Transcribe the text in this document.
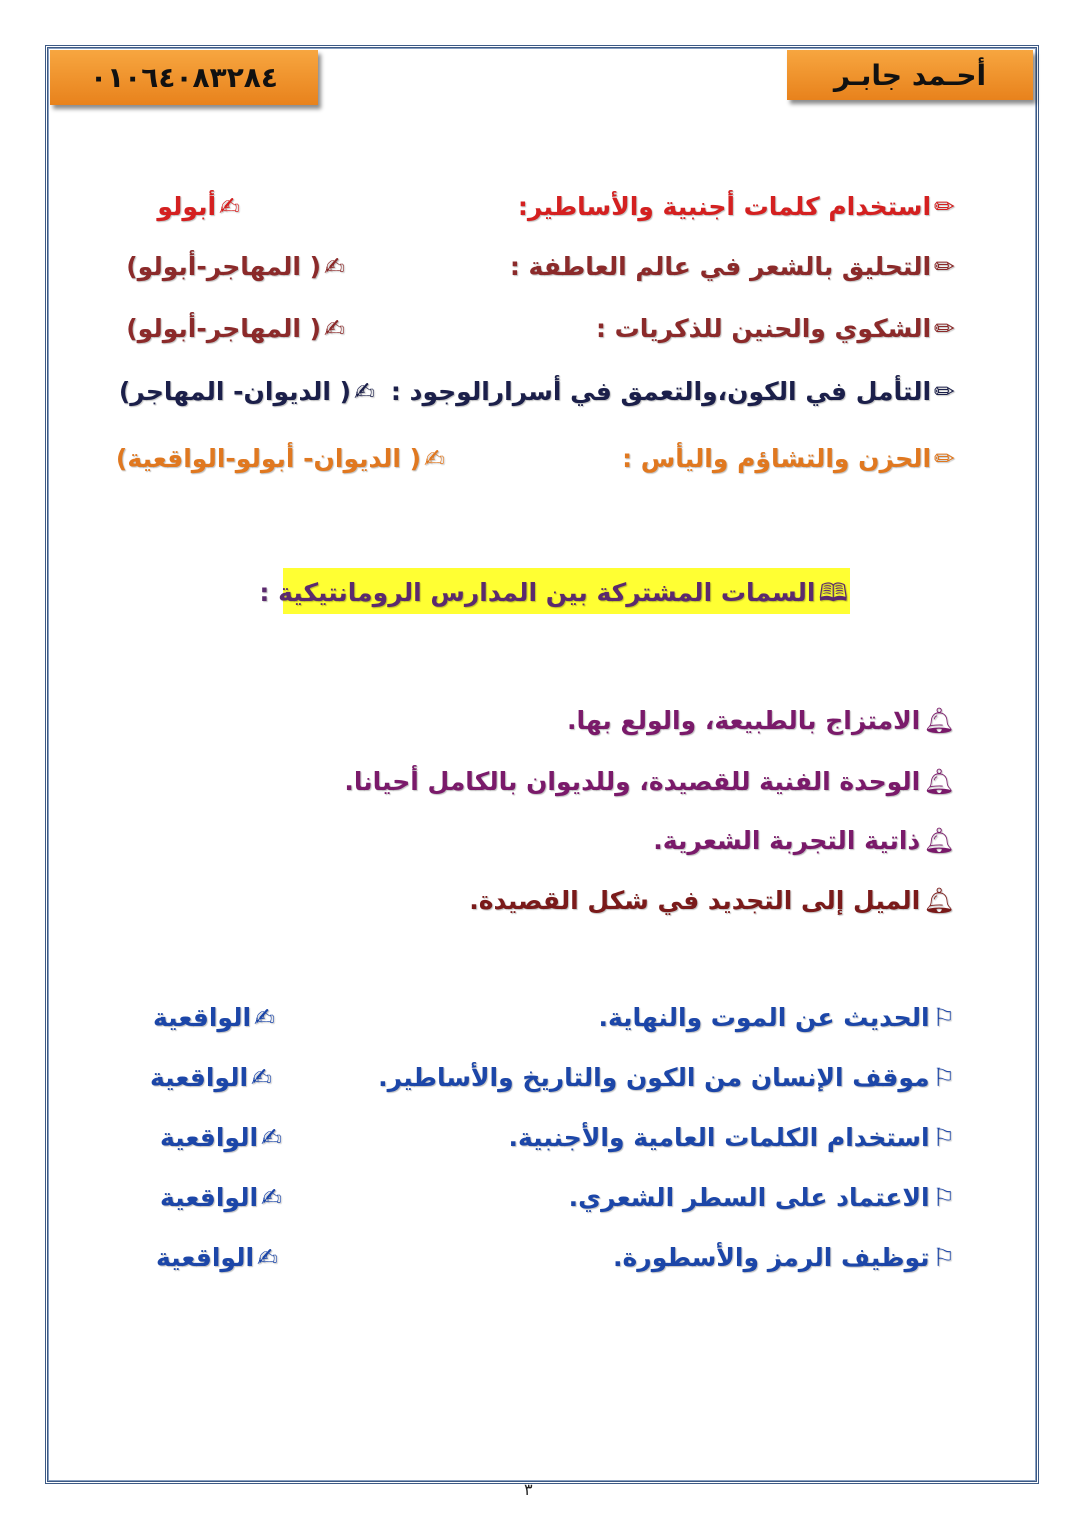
٠١٠٦٤٠٨٣٢٨٤	أحـمد جابـر
✏استخدام كلمات أجنبية والأساطير:
✍أبولو
✏التحليق بالشعر في عالم العاطفة :
✍( المهاجر-أبولو)
✏الشكوي والحنين للذكريات :
✍( المهاجر-أبولو)
✏التأمل في الكون،والتعمق في أسرارالوجود :
✍( الديوان- المهاجر)
✏الحزن والتشاؤم واليأس :
✍( الديوان- أبولو-الواقعية)
🕮السمات المشتركة بين المدارس الرومانتيكية :
🔔︎الامتزاج بالطبيعة، والولع بها.
🔔︎الوحدة الفنية للقصيدة، وللديوان بالكامل أحيانا.
🔔︎ذاتية التجربة الشعرية.
🔔︎الميل إلى التجديد في شكل القصيدة.
⚐الحديث عن الموت والنهاية.
✍الواقعية
⚐موقف الإنسان من الكون والتاريخ والأساطير.
✍الواقعية
⚐استخدام الكلمات العامية والأجنبية.
✍الواقعية
⚐الاعتماد على السطر الشعري.
✍الواقعية
⚐توظيف الرمز والأسطورة.
✍الواقعية
٣
